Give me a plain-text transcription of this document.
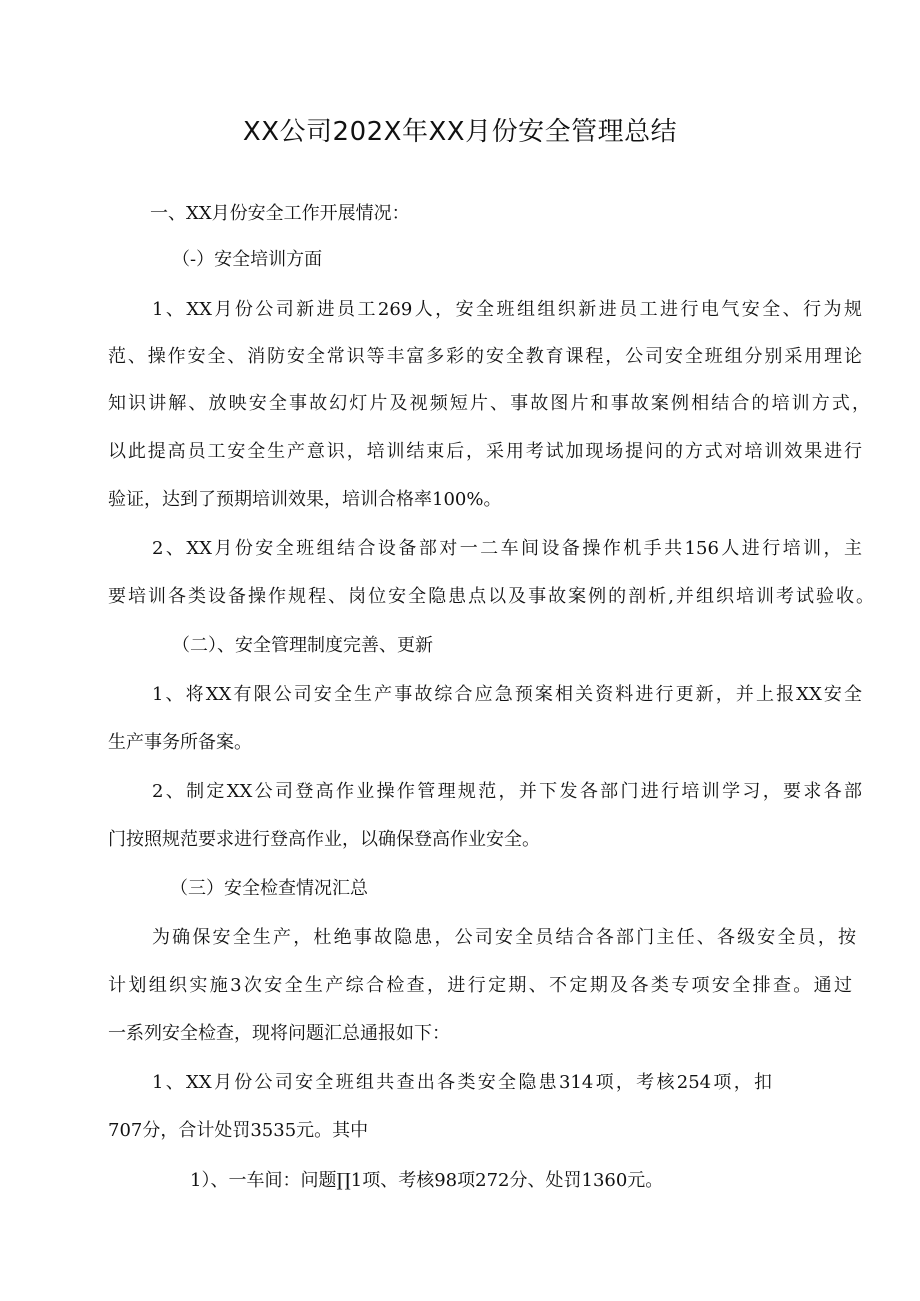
XX公司202X年XX月份安全管理总结
一、XX月份安全工作开展情况：
（-）安全培训方面
1、XX月份公司新进员工269人，安全班组组织新进员工进行电气安全、行为规
范、操作安全、消防安全常识等丰富多彩的安全教育课程，公司安全班组分别采用理论
知识讲解、放映安全事故幻灯片及视频短片、事故图片和事故案例相结合的培训方式，
以此提高员工安全生产意识，培训结束后，采用考试加现场提问的方式对培训效果进行
验证，达到了预期培训效果，培训合格率100%。
2、XX月份安全班组结合设备部对一二车间设备操作机手共156人进行培训，主
要培训各类设备操作规程、岗位安全隐患点以及事故案例的剖析,并组织培训考试验收。
（二）、安全管理制度完善、更新
1、将XX有限公司安全生产事故综合应急预案相关资料进行更新，并上报XX安全
生产事务所备案。
2、制定XX公司登高作业操作管理规范，并下发各部门进行培训学习，要求各部
门按照规范要求进行登高作业，以确保登高作业安全。
（三）安全检查情况汇总
为确保安全生产，杜绝事故隐患，公司安全员结合各部门主任、各级安全员，按
计划组织实施3次安全生产综合检查，进行定期、不定期及各类专项安全排查。通过
一系列安全检查，现将问题汇总通报如下：
1、XX月份公司安全班组共查出各类安全隐患314项，考核254项，扣
707分，合计处罚3535元。其中
1）、一车间：问题∏1项、考核98项272分、处罚1360元。
